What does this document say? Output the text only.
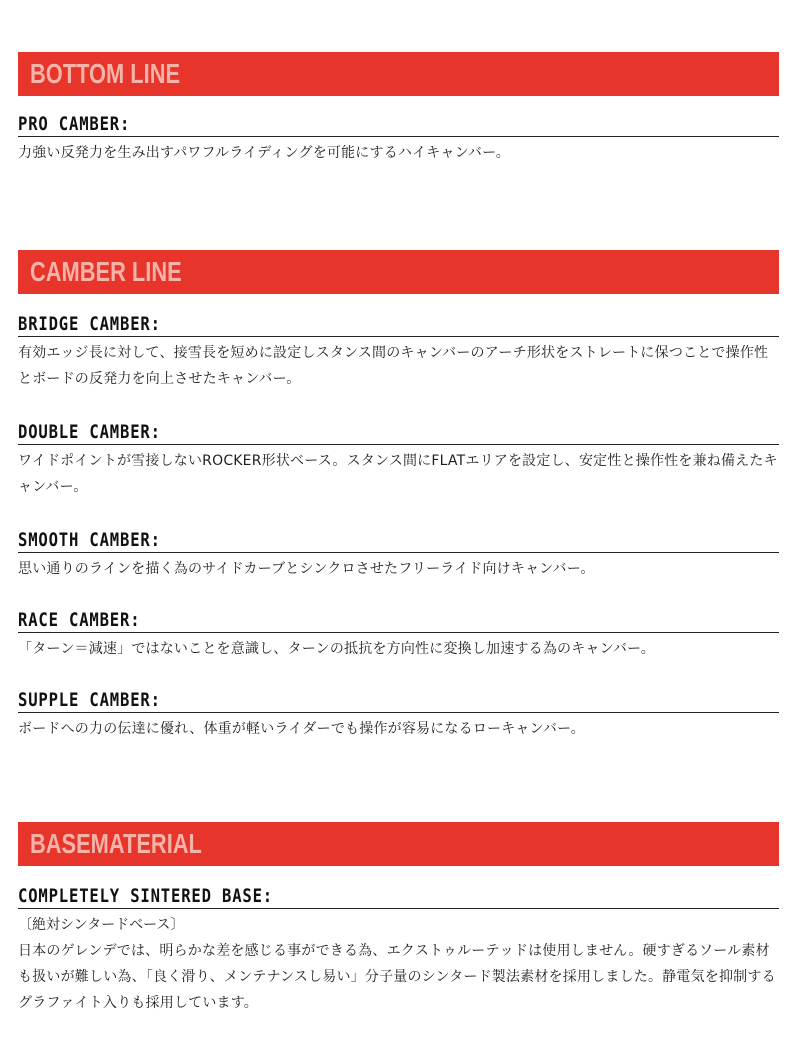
BOTTOM LINE
PRO CAMBER:
力強い反発力を生み出すパワフルライディングを可能にするハイキャンバー。
CAMBER LINE
BRIDGE CAMBER:
有効エッジ長に対して、接雪長を短めに設定しスタンス間のキャンバーのアーチ形状をストレートに保つことで操作性とボードの反発力を向上させたキャンバー。
DOUBLE CAMBER:
ワイドポイントが雪接しないROCKER形状ベース。スタンス間にFLATエリアを設定し、安定性と操作性を兼ね備えたキャンバー。
SMOOTH CAMBER:
思い通りのラインを描く為のサイドカーブとシンクロさせたフリーライド向けキャンバー。
RACE CAMBER:
「ターン＝減速」ではないことを意識し、ターンの抵抗を方向性に変換し加速する為のキャンバー。
SUPPLE CAMBER:
ボードへの力の伝達に優れ、体重が軽いライダーでも操作が容易になるローキャンバー。
BASEMATERIAL
COMPLETELY SINTERED BASE:
〔絶対シンタードベース〕
日本のゲレンデでは、明らかな差を感じる事ができる為、エクストゥルーテッドは使用しません。硬すぎるソール素材も扱いが難しい為、「良く滑り、メンテナンスし易い」分子量のシンタード製法素材を採用しました。静電気を抑制するグラファイト入りも採用しています。
